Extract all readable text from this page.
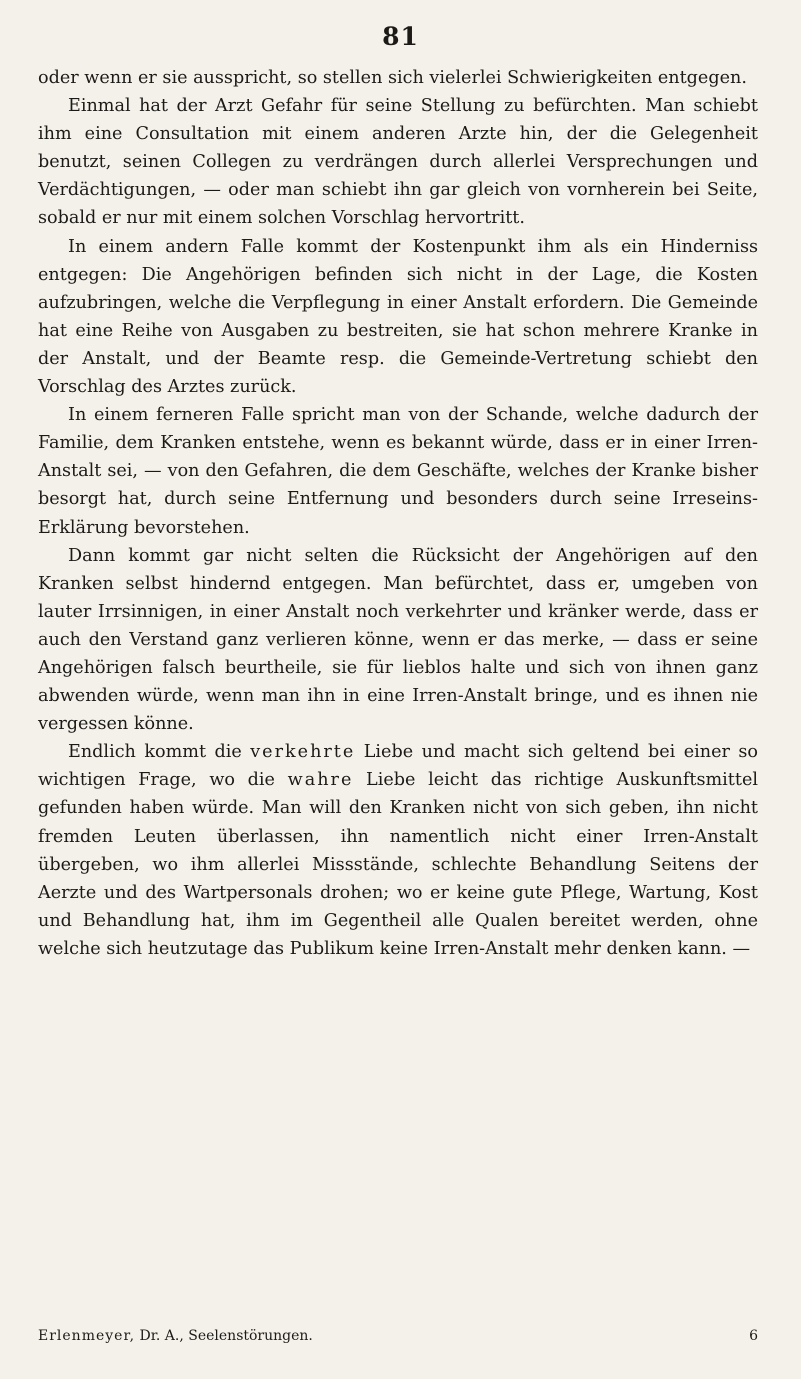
81

oder wenn er sie ausspricht, so stellen sich vielerlei Schwierigkeiten entgegen.

Einmal hat der Arzt Gefahr für seine Stellung zu befürchten. Man schiebt ihm eine Consultation mit einem anderen Arzte hin, der die Gelegenheit benutzt, seinen Collegen zu verdrängen durch allerlei Versprechungen und Verdächtigungen, — oder man schiebt ihn gar gleich von vornherein bei Seite, sobald er nur mit einem solchen Vorschlag hervortritt.

In einem andern Falle kommt der Kostenpunkt ihm als ein Hinderniss entgegen: Die Angehörigen befinden sich nicht in der Lage, die Kosten aufzubringen, welche die Verpflegung in einer Anstalt erfordern. Die Gemeinde hat eine Reihe von Ausgaben zu bestreiten, sie hat schon mehrere Kranke in der Anstalt, und der Beamte resp. die Gemeinde-Vertretung schiebt den Vorschlag des Arztes zurück.

In einem ferneren Falle spricht man von der Schande, welche dadurch der Familie, dem Kranken entstehe, wenn es bekannt würde, dass er in einer Irren-Anstalt sei, — von den Gefahren, die dem Geschäfte, welches der Kranke bisher besorgt hat, durch seine Entfernung und besonders durch seine Irreseins-Erklärung bevorstehen.

Dann kommt gar nicht selten die Rücksicht der Angehörigen auf den Kranken selbst hindernd entgegen. Man befürchtet, dass er, umgeben von lauter Irrsinnigen, in einer Anstalt noch verkehrter und kränker werde, dass er auch den Verstand ganz verlieren könne, wenn er das merke, — dass er seine Angehörigen falsch beurtheile, sie für lieblos halte und sich von ihnen ganz abwenden würde, wenn man ihn in eine Irren-Anstalt bringe, und es ihnen nie vergessen könne.

Endlich kommt die verkehrte Liebe und macht sich geltend bei einer so wichtigen Frage, wo die wahre Liebe leicht das richtige Auskunftsmittel gefunden haben würde. Man will den Kranken nicht von sich geben, ihn nicht fremden Leuten überlassen, ihn namentlich nicht einer Irren-Anstalt übergeben, wo ihm allerlei Missstände, schlechte Behandlung Seitens der Aerzte und des Wartpersonals drohen; wo er keine gute Pflege, Wartung, Kost und Behandlung hat, ihm im Gegentheil alle Qualen bereitet werden, ohne welche sich heutzutage das Publikum keine Irren-Anstalt mehr denken kann. —

Erlenmeyer, Dr. A., Seelenstörungen.	6
